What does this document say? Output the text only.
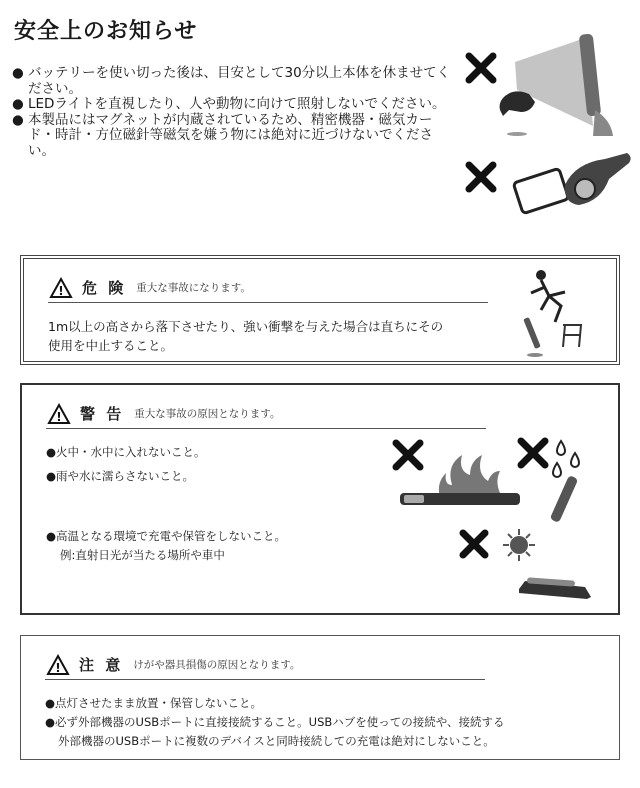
安全上のお知らせ
● バッテリーを使い切った後は、目安として30分以上本体を休ませてください。
● LEDライトを直視したり、人や動物に向けて照射しないでください。
● 本製品にはマグネットが内蔵されているため、精密機器・磁気カード・時計・方位磁針等磁気を嫌う物には絶対に近づけないでください。
! 危 険 重大な事故になります。
1m以上の高さから落下させたり、強い衝撃を与えた場合は直ちにその
使用を中止すること。
! 警 告 重大な事故の原因となります。
●火中・水中に入れないこと。
●雨や水に濡らさないこと。
●高温となる環境で充電や保管をしないこと。
例:直射日光が当たる場所や車中
! 注 意 けがや器具損傷の原因となります。
●点灯させたまま放置・保管しないこと。
●必ず外部機器のUSBポートに直接接続すること。USBハブを使っての接続や、接続する
外部機器のUSBポートに複数のデバイスと同時接続しての充電は絶対にしないこと。
